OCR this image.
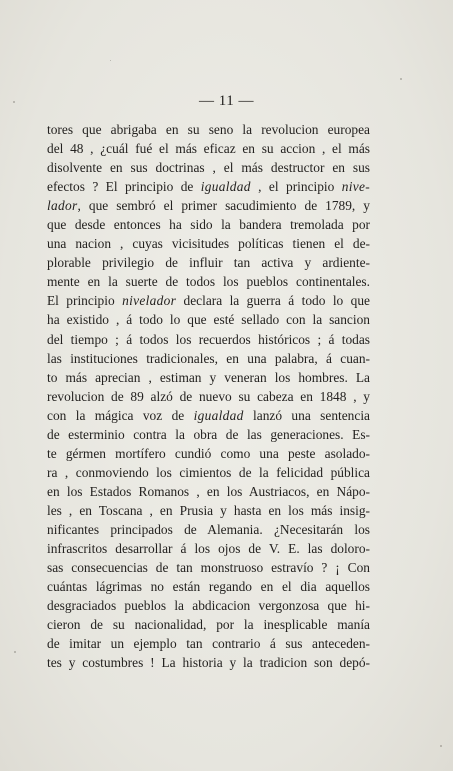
— 11 —
tores que abrigaba en su seno la revolucion europea
del 48 , ¿cuál fué el más eficaz en su accion , el más
disolvente en sus doctrinas , el más destructor en sus
efectos ? El principio de igualdad , el principio nive-
lador, que sembró el primer sacudimiento de 1789, y
que desde entonces ha sido la bandera tremolada por
una nacion , cuyas vicisitudes políticas tienen el de-
plorable privilegio de influir tan activa y ardiente-
mente en la suerte de todos los pueblos continentales.
El principio nivelador declara la guerra á todo lo que
ha existido , á todo lo que esté sellado con la sancion
del tiempo ; á todos los recuerdos históricos ; á todas
las instituciones tradicionales, en una palabra, á cuan-
to más aprecian , estiman y veneran los hombres. La
revolucion de 89 alzó de nuevo su cabeza en 1848 , y
con la mágica voz de igualdad lanzó una sentencia
de esterminio contra la obra de las generaciones. Es-
te gérmen mortífero cundió como una peste asolado-
ra , conmoviendo los cimientos de la felicidad pública
en los Estados Romanos , en los Austriacos, en Nápo-
les , en Toscana , en Prusia y hasta en los más insig-
nificantes principados de Alemania. ¿Necesitarán los
infrascritos desarrollar á los ojos de V. E. las doloro-
sas consecuencias de tan monstruoso estravío ? ¡ Con
cuántas lágrimas no están regando en el dia aquellos
desgraciados pueblos la abdicacion vergonzosa que hi-
cieron de su nacionalidad, por la inesplicable manía
de imitar un ejemplo tan contrario á sus anteceden-
tes y costumbres ! La historia y la tradicion son depó-
